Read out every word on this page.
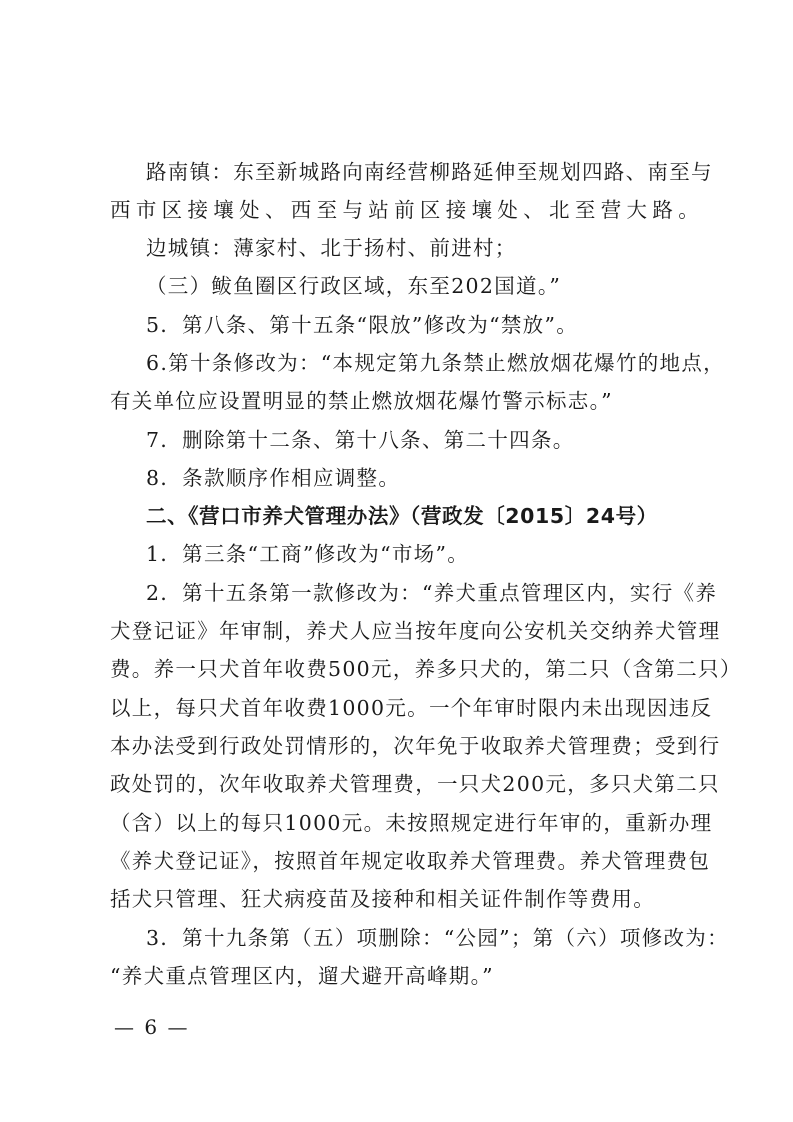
路南镇：东至新城路向南经营柳路延伸至规划四路、南至与
西市区接壤处、西至与站前区接壤处、北至营大路。
边城镇：薄家村、北于扬村、前进村；
（三）鲅鱼圈区行政区域，东至202国道。”
5．第八条、第十五条“限放”修改为“禁放”。
6.第十条修改为：“本规定第九条禁止燃放烟花爆竹的地点，
有关单位应设置明显的禁止燃放烟花爆竹警示标志。”
7．删除第十二条、第十八条、第二十四条。
8．条款顺序作相应调整。
二、《营口市养犬管理办法》（营政发〔2015〕24号）
1．第三条“工商”修改为“市场”。
2．第十五条第一款修改为：“养犬重点管理区内，实行《养
犬登记证》年审制，养犬人应当按年度向公安机关交纳养犬管理
费。养一只犬首年收费500元，养多只犬的，第二只（含第二只）
以上，每只犬首年收费1000元。一个年审时限内未出现因违反
本办法受到行政处罚情形的，次年免于收取养犬管理费；受到行
政处罚的，次年收取养犬管理费，一只犬200元，多只犬第二只
（含）以上的每只1000元。未按照规定进行年审的，重新办理
《养犬登记证》，按照首年规定收取养犬管理费。养犬管理费包
括犬只管理、狂犬病疫苗及接种和相关证件制作等费用。
3．第十九条第（五）项删除：“公园”；第（六）项修改为：
“养犬重点管理区内，遛犬避开高峰期。”
— 6 —
